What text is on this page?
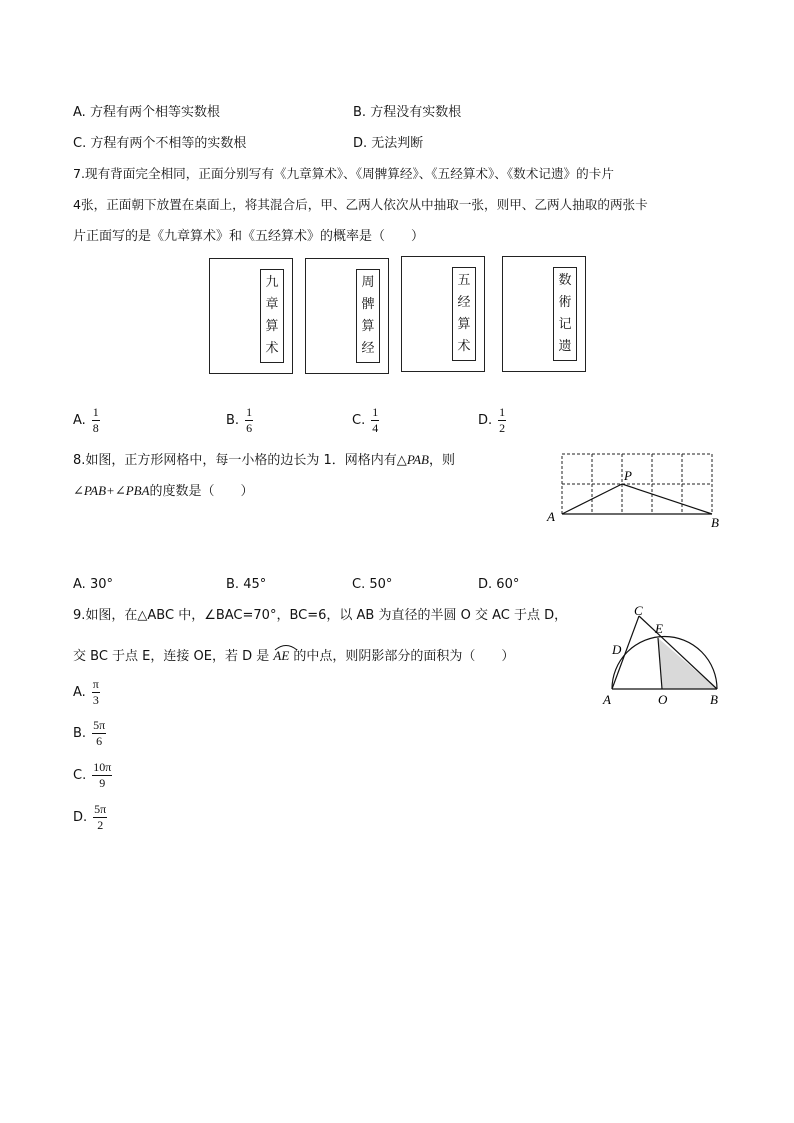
A. 方程有两个相等实数根	B. 方程没有实数根
C. 方程有两个不相等的实数根	D. 无法判断
7.现有背面完全相同，正面分别写有《九章算术》、《周髀算经》、《五经算术》、《数术记遗》的卡片
4张，正面朝下放置在桌面上，将其混合后，甲、乙两人依次从中抽取一张，则甲、乙两人抽取的两张卡
片正面写的是《九章算术》和《五经算术》的概率是（　　）
九
章
算
术
周
髀
算
经
五
经
算
术
数
術
记
遗
A. $\frac{1}{8}$	B. $\frac{1}{6}$	C. $\frac{1}{4}$	D. $\frac{1}{2}$
8.如图，正方形网格中，每一小格的边长为 1．网格内有△PAB，则
∠PAB+∠PBA的度数是（　　）
A	B
P
A. 30°	B. 45°	C. 50°	D. 60°
9.如图，在△ABC 中，∠BAC=70°，BC=6，以 AB 为直径的半圆 O 交 AC 于点 D，
交 BC 于点 E，连接 OE，若 D 是 AE 的中点，则阴影部分的面积为（　　）
A	B
C
D
E
O
A. $\frac{\pi}{3}$
B. $\frac{5\pi}{6}$
C. $\frac{10\pi}{9}$
D. $\frac{5\pi}{2}$
